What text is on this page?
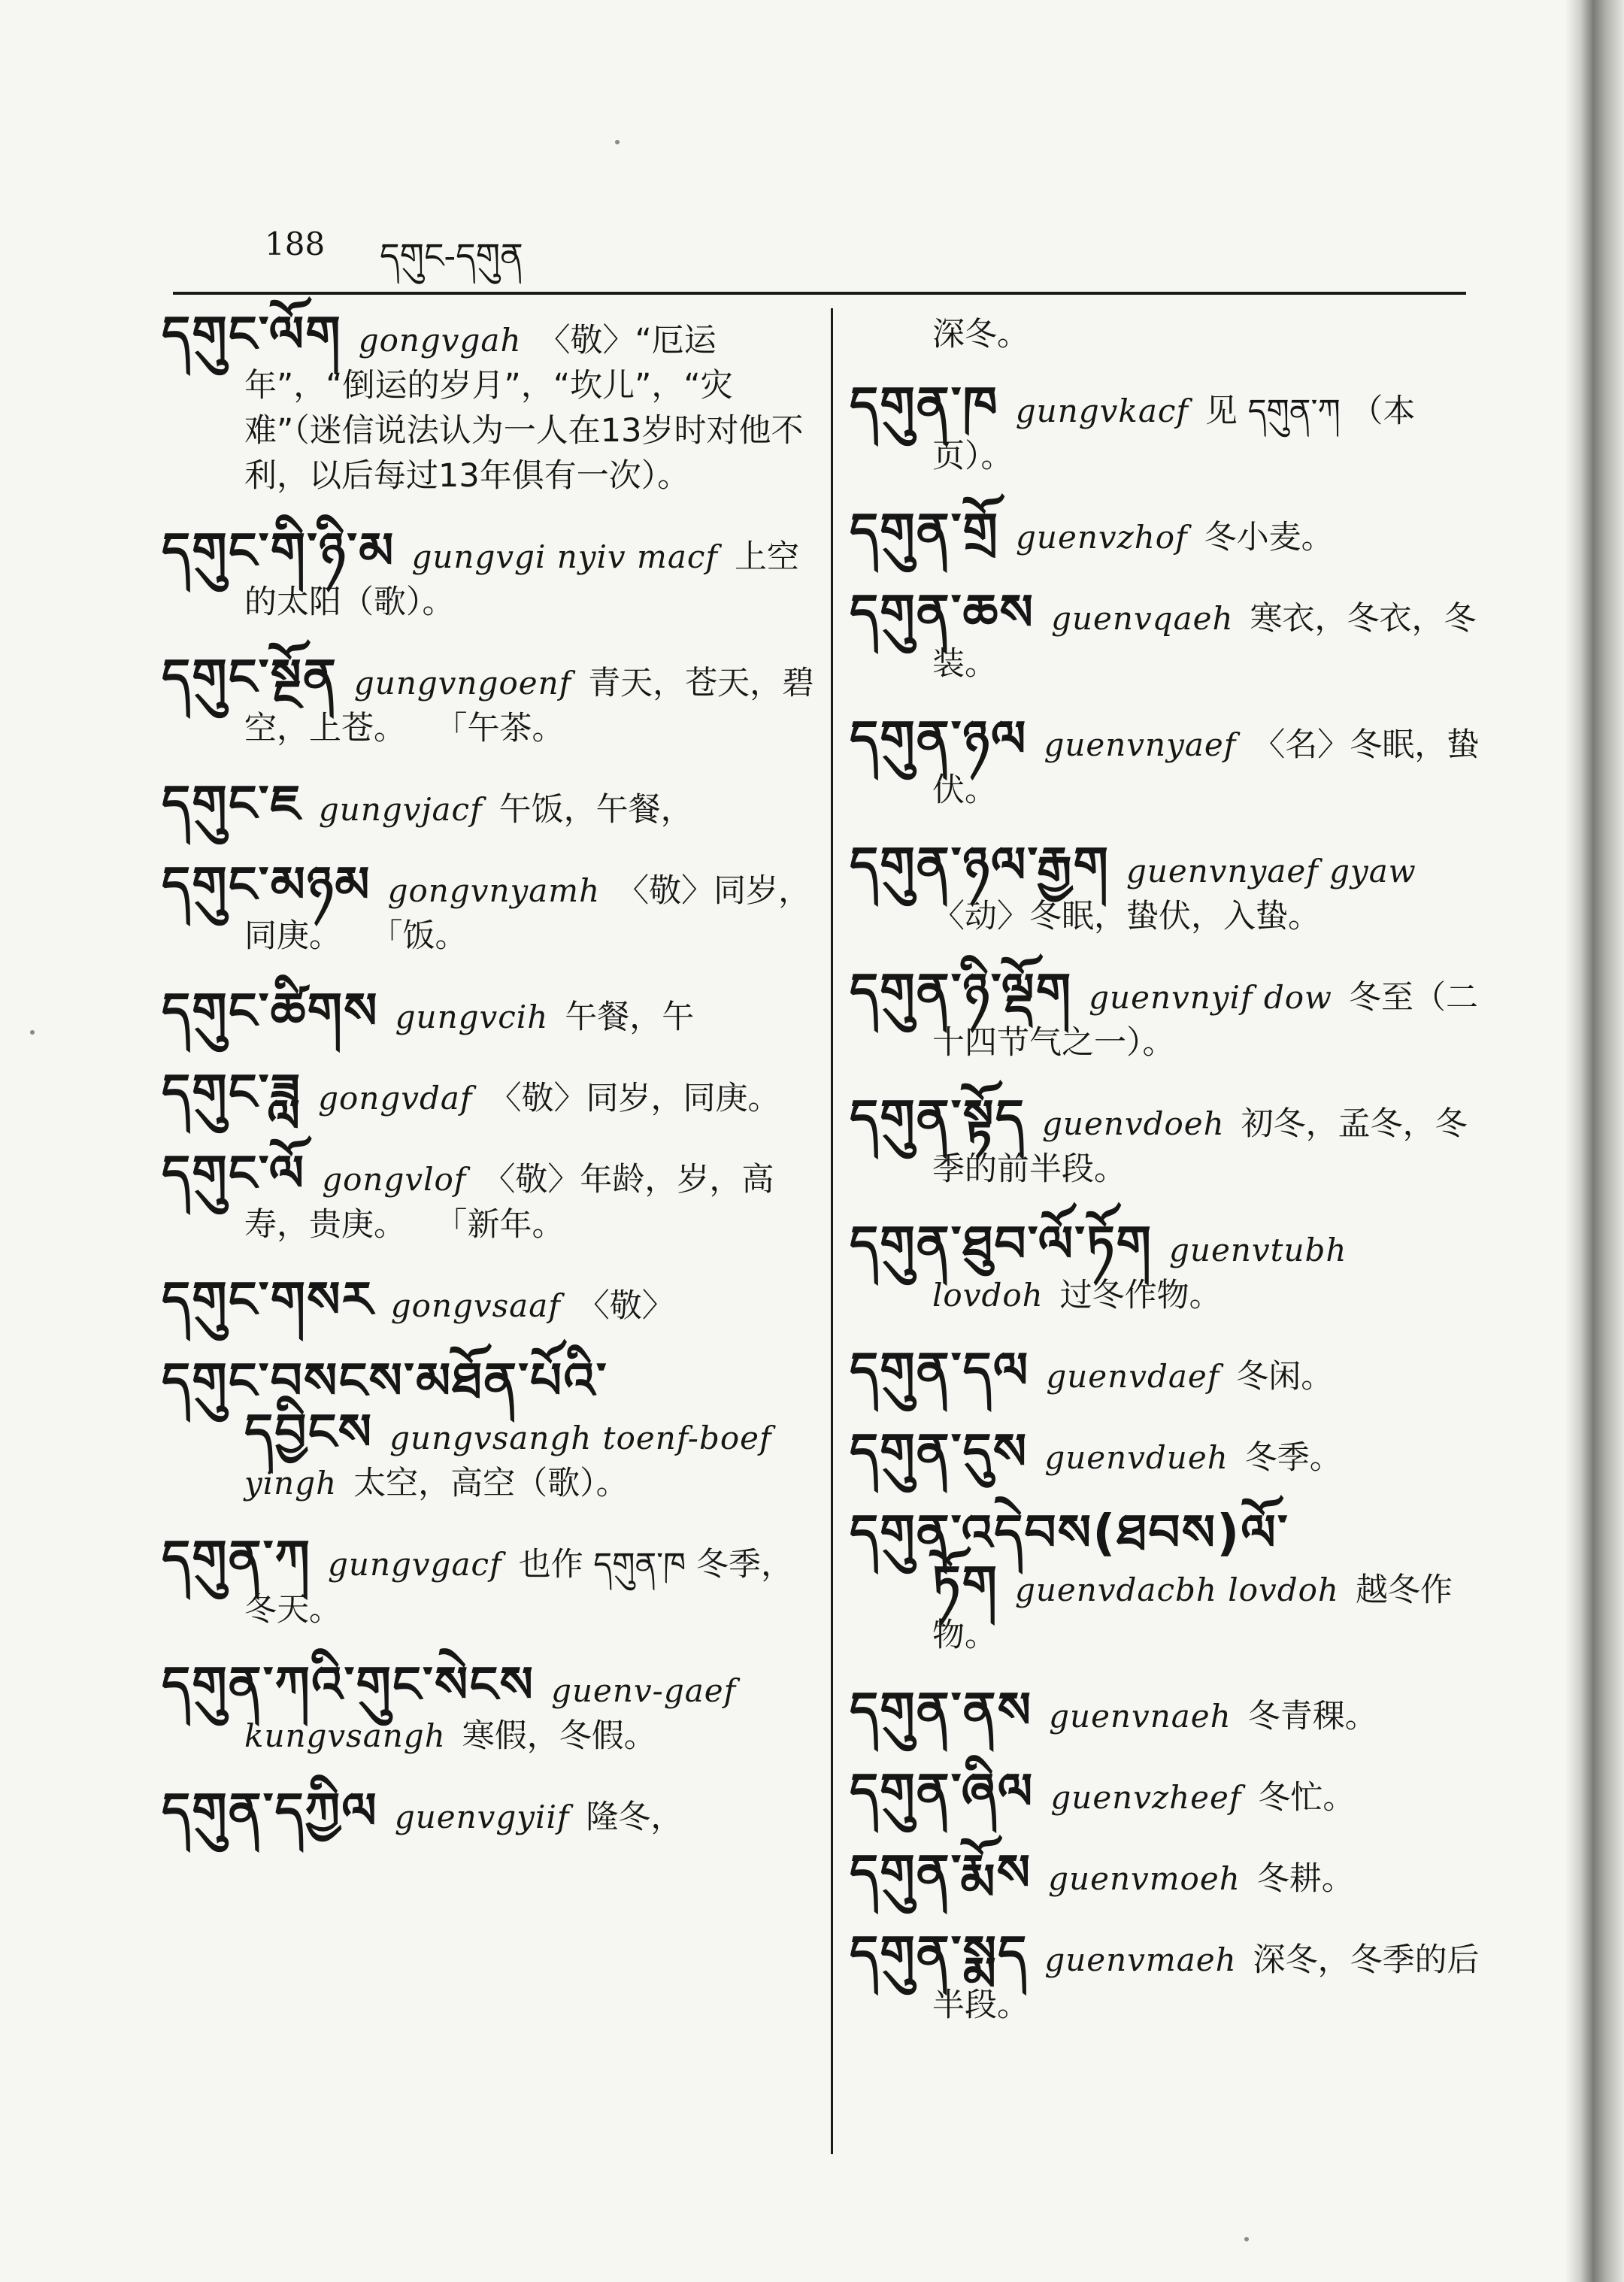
188 དགུང-དགུན
དགུང་ལོག gongvgah 〈敬〉“厄运年”，“倒运的岁月”，“坎儿”，“灾难”（迷信说法认为一人在13岁时对他不利，以后每过13年俱有一次）。
དགུང་གི་ཉི་མ gungvgi nyiv macf 上空的太阳（歌）。
དགུང་སྔོན gungvngoenf 青天，苍天，碧空，上苍。 「午茶。
དགུང་ཇ gungvjacf 午饭，午餐，
དགུང་མཉམ gongvnyamh 〈敬〉同岁，同庚。 「饭。
དགུང་ཚིགས gungvcih 午餐，午
དགུང་ཟླ gongvdaf 〈敬〉同岁，同庚。
དགུང་ལོ gongvlof 〈敬〉年龄，岁，高寿，贵庚。 「新年。
དགུང་གསར gongvsaaf 〈敬〉
དགུང་བསངས་མཐོན་པོའི་དབྱིངས gungvsangh toenf-boef yingh 太空，高空（歌）。
དགུན་ཀ gungvgacf 也作 དགུན་ཁ 冬季，冬天。
དགུན་ཀའི་གུང་སེངས guenv-gaef kungvsangh 寒假，冬假。
དགུན་དཀྱིལ guenvgyiif 隆冬，
深冬。
དགུན་ཁ gungvkacf 见 དགུན་ཀ （本页）。
དགུན་གྲོ guenvzhof 冬小麦。
དགུན་ཆས guenvqaeh 寒衣，冬衣，冬装。
དགུན་ཉལ guenvnyaef 〈名〉冬眠，蛰伏。
དགུན་ཉལ་རྒྱག guenvnyaef gyaw〈动〉冬眠，蛰伏，入蛰。
དགུན་ཉི་ལྡོག guenvnyif dow 冬至（二十四节气之一）。
དགུན་སྟོད guenvdoeh 初冬，孟冬，冬季的前半段。
དགུན་ཐུབ་ལོ་ཏོག guenvtubh lovdoh 过冬作物。
དགུན་དལ guenvdaef 冬闲。
དགུན་དུས guenvdueh 冬季。
དགུན་འདེབས(ཐབས)ལོ་ཏོག guenvdacbh lovdoh 越冬作物。
དགུན་ནས guenvnaeh 冬青稞。
དགུན་ཞིལ guenvzheef 冬忙。
དགུན་རྨོས guenvmoeh 冬耕。
དགུན་སྨད guenvmaeh 深冬，冬季的后半段。
